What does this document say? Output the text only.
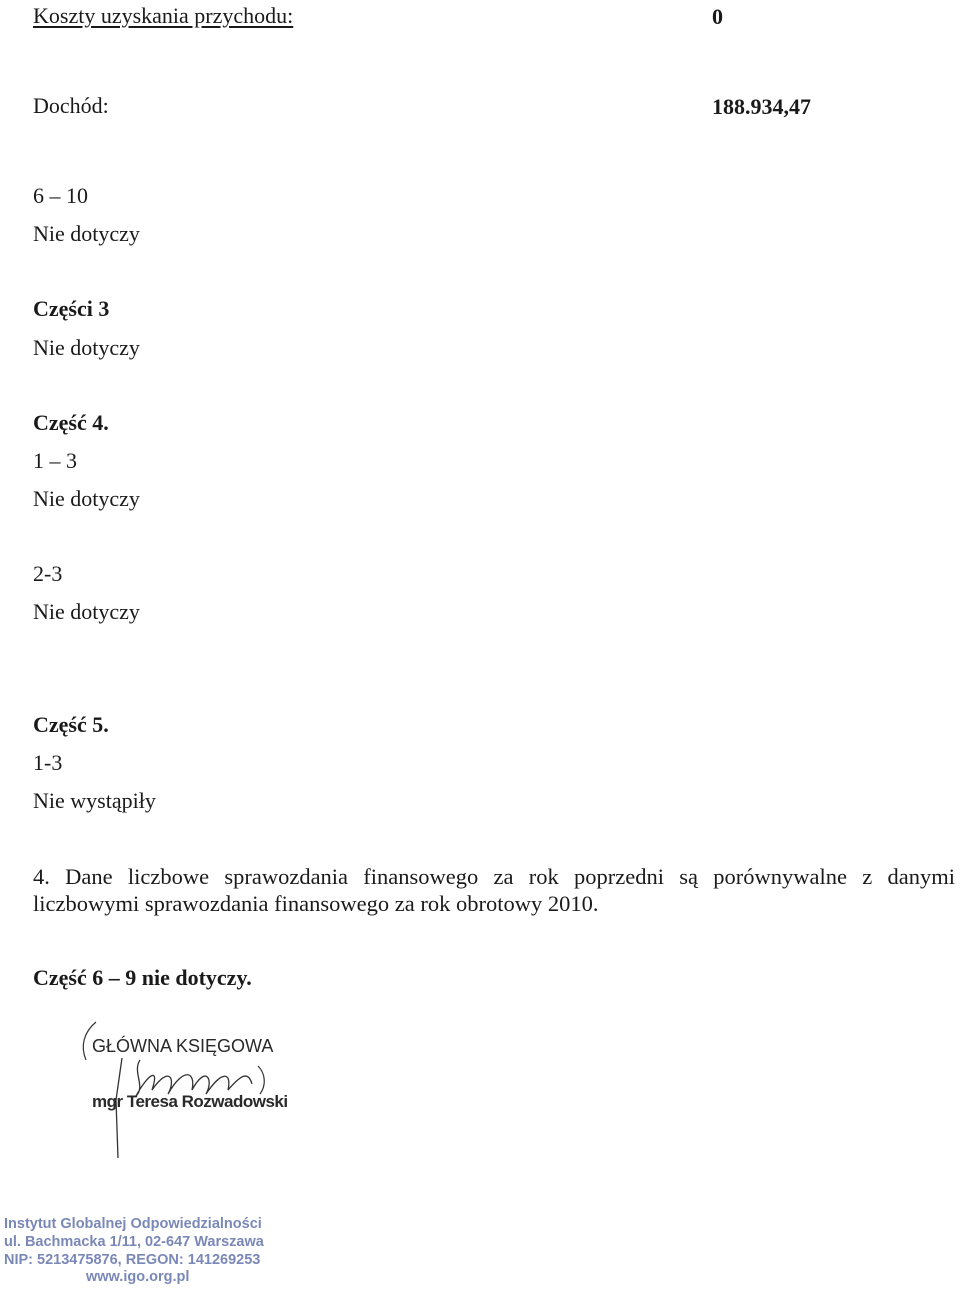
Koszty uzyskania przychodu:	0
Dochód:	188.934,47
6 – 10
Nie dotyczy
Części 3
Nie dotyczy
Część 4.
1 – 3
Nie dotyczy
2-3
Nie dotyczy
Część 5.
1-3
Nie wystąpiły
4. Dane liczbowe sprawozdania finansowego za rok poprzedni są porównywalne z danymi liczbowymi sprawozdania finansowego za rok obrotowy 2010.
Część 6 – 9 nie dotyczy.
GŁÓWNA KSIĘGOWA
mgr Teresa Rozwadowski
Instytut Globalnej Odpowiedzialności
ul. Bachmacka 1/11, 02-647 Warszawa
NIP: 5213475876, REGON: 141269253
www.igo.org.pl
